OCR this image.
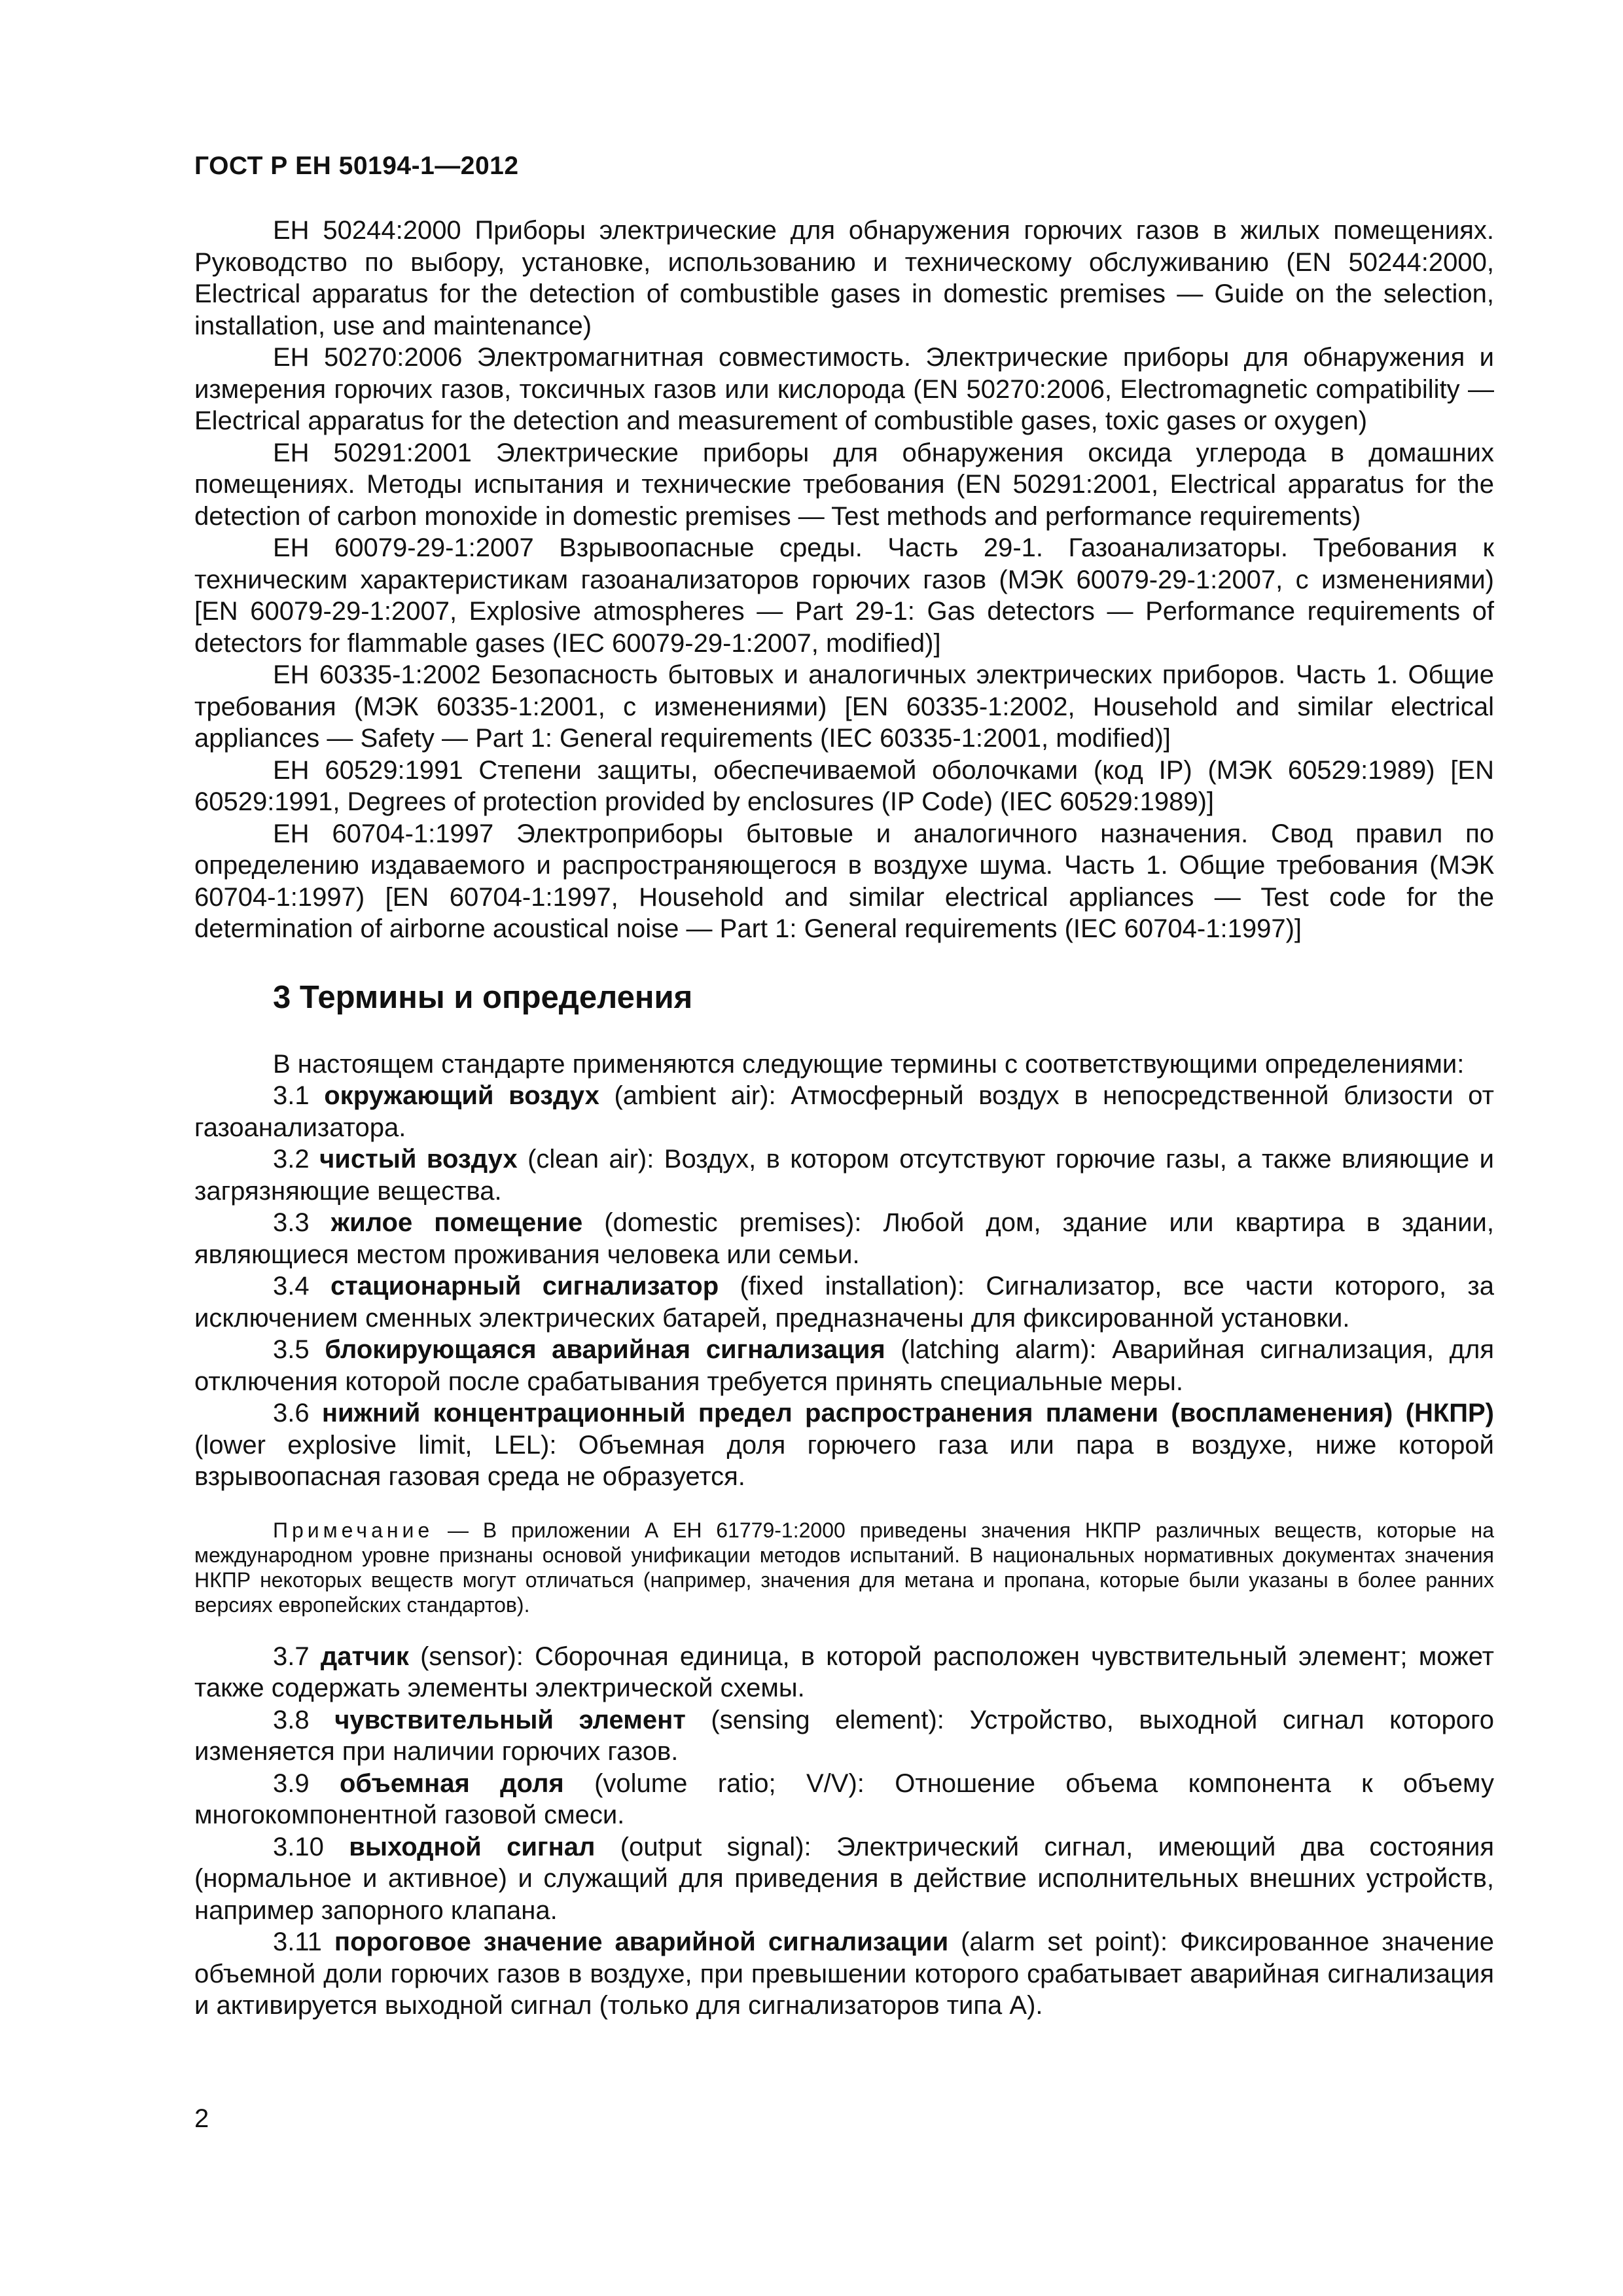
ГОСТ Р ЕН 50194-1—2012

ЕН 50244:2000 Приборы электрические для обнаружения горючих газов в жилых помещениях. Руководство по выбору, установке, использованию и техническому обслуживанию (EN 50244:2000, Electrical apparatus for the detection of combustible gases in domestic premises — Guide on the selection, installation, use and maintenance)

ЕН 50270:2006 Электромагнитная совместимость. Электрические приборы для обнаружения и измерения горючих газов, токсичных газов или кислорода (EN 50270:2006, Electromagnetic compatibility — Electrical apparatus for the detection and measurement of combustible gases, toxic gases or oxygen)

ЕН 50291:2001 Электрические приборы для обнаружения оксида углерода в домашних помещениях. Методы испытания и технические требования (EN 50291:2001, Electrical apparatus for the detection of carbon monoxide in domestic premises — Test methods and performance requirements)

ЕН 60079-29-1:2007 Взрывоопасные среды. Часть 29-1. Газоанализаторы. Требования к техническим характеристикам газоанализаторов горючих газов (МЭК 60079-29-1:2007, с изменениями) [EN 60079-29-1:2007, Explosive atmospheres — Part 29-1: Gas detectors — Performance requirements of detectors for flammable gases (IEC 60079-29-1:2007, modified)]

ЕН 60335-1:2002 Безопасность бытовых и аналогичных электрических приборов. Часть 1. Общие требования (МЭК 60335-1:2001, с изменениями) [EN 60335-1:2002, Household and similar electrical appliances — Safety — Part 1: General requirements (IEC 60335-1:2001, modified)]

ЕН 60529:1991 Степени защиты, обеспечиваемой оболочками (код IP) (МЭК 60529:1989) [EN 60529:1991, Degrees of protection provided by enclosures (IP Code) (IEC 60529:1989)]

ЕН 60704-1:1997 Электроприборы бытовые и аналогичного назначения. Свод правил по определению издаваемого и распространяющегося в воздухе шума. Часть 1. Общие требования (МЭК 60704-1:1997) [EN 60704-1:1997, Household and similar electrical appliances — Test code for the determination of airborne acoustical noise — Part 1: General requirements (IEC 60704-1:1997)]

3 Термины и определения

В настоящем стандарте применяются следующие термины с соответствующими определениями:

3.1 окружающий воздух (ambient air): Атмосферный воздух в непосредственной близости от газоанализатора.

3.2 чистый воздух (clean air): Воздух, в котором отсутствуют горючие газы, а также влияющие и загрязняющие вещества.

3.3 жилое помещение (domestic premises): Любой дом, здание или квартира в здании, являющиеся местом проживания человека или семьи.

3.4 стационарный сигнализатор (fixed installation): Сигнализатор, все части которого, за исключением сменных электрических батарей, предназначены для фиксированной установки.

3.5 блокирующаяся аварийная сигнализация (latching alarm): Аварийная сигнализация, для отключения которой после срабатывания требуется принять специальные меры.

3.6 нижний концентрационный предел распространения пламени (воспламенения) (НКПР) (lower explosive limit, LEL): Объемная доля горючего газа или пара в воздухе, ниже которой взрывоопасная газовая среда не образуется.

Примечание — В приложении А ЕН 61779-1:2000 приведены значения НКПР различных веществ, которые на международном уровне признаны основой унификации методов испытаний. В национальных нормативных документах значения НКПР некоторых веществ могут отличаться (например, значения для метана и пропана, которые были указаны в более ранних версиях европейских стандартов).

3.7 датчик (sensor): Сборочная единица, в которой расположен чувствительный элемент; может также содержать элементы электрической схемы.

3.8 чувствительный элемент (sensing element): Устройство, выходной сигнал которого изменяется при наличии горючих газов.

3.9 объемная доля (volume ratio; V/V): Отношение объема компонента к объему многокомпонентной газовой смеси.

3.10 выходной сигнал (output signal): Электрический сигнал, имеющий два состояния (нормальное и активное) и служащий для приведения в действие исполнительных внешних устройств, например запорного клапана.

3.11 пороговое значение аварийной сигнализации (alarm set point): Фиксированное значение объемной доли горючих газов в воздухе, при превышении которого срабатывает аварийная сигнализация и активируется выходной сигнал (только для сигнализаторов типа А).

2
